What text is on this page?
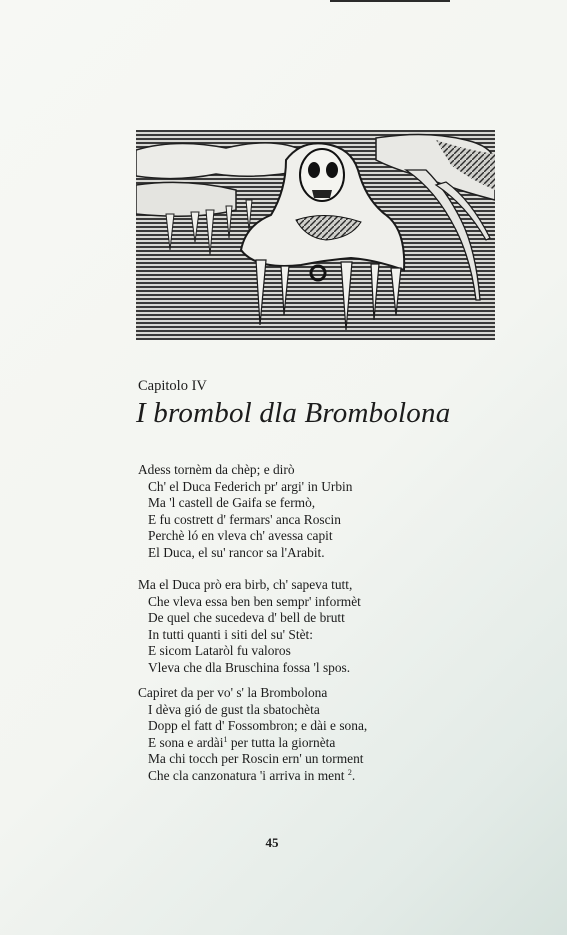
Capitolo IV
I brombol dla Brombolona
Adess tornèm da chèp; e dirò
Ch' el Duca Federich pr' argi' in Urbin
Ma 'l castell de Gaifa se fermò,
E fu costrett d' fermars' anca Roscin
Perchè ló en vleva ch' avessa capit
El Duca, el su' rancor sa l'Arabit.
Ma el Duca prò era birb, ch' sapeva tutt,
Che vleva essa ben ben sempr' informèt
De quel che sucedeva d' bell de brutt
In tutti quanti i siti del su' Stèt:
E sicom Lataròl fu valoros
Vleva che dla Bruschina fossa 'l spos.
Capiret da per vo' s' la Brombolona
I dèva gió de gust tla sbatochèta
Dopp el fatt d' Fossombron; e dài e sona,
E sona e ardài$^1$ per tutta la giornèta
Ma chi tocch per Roscin ern' un torment
Che cla canzonatura 'i arriva in ment $^2$.
45
